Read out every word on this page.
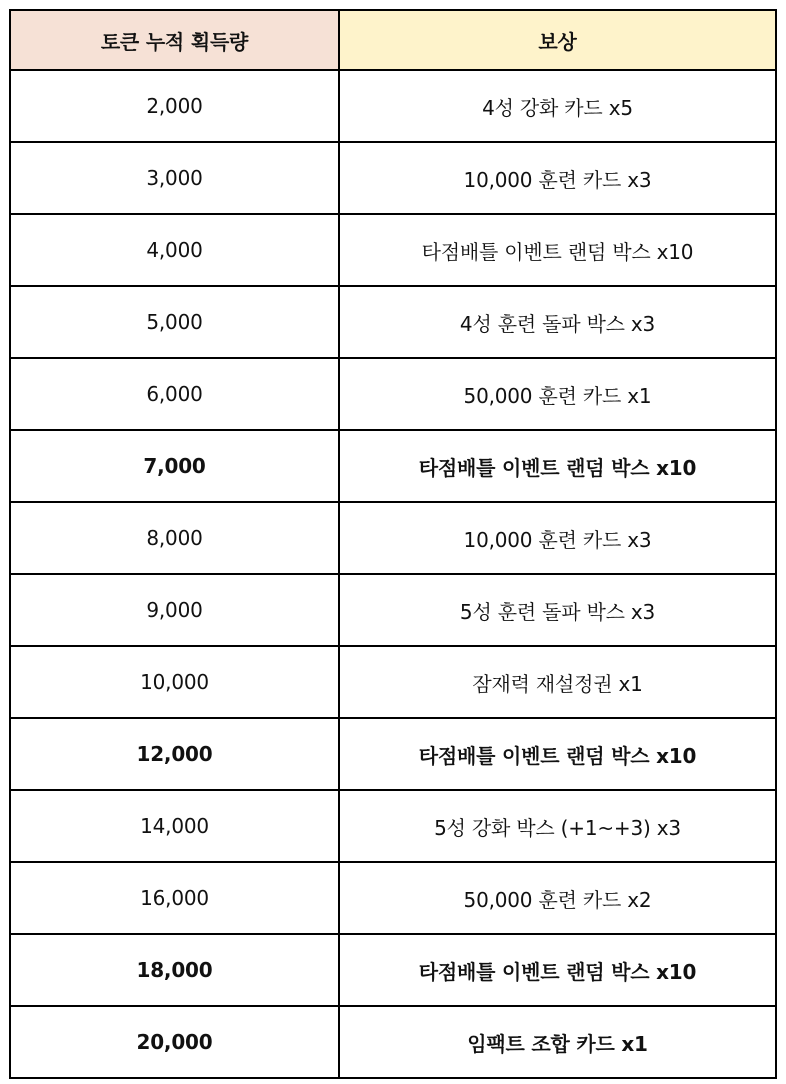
토큰 누적 획득량	보상
2,000	4성 강화 카드 x5
3,000	10,000 훈련 카드 x3
4,000	타점배틀 이벤트 랜덤 박스 x10
5,000	4성 훈련 돌파 박스 x3
6,000	50,000 훈련 카드 x1
7,000	타점배틀 이벤트 랜덤 박스 x10
8,000	10,000 훈련 카드 x3
9,000	5성 훈련 돌파 박스 x3
10,000	잠재력 재설정권 x1
12,000	타점배틀 이벤트 랜덤 박스 x10
14,000	5성 강화 박스 (+1~+3) x3
16,000	50,000 훈련 카드 x2
18,000	타점배틀 이벤트 랜덤 박스 x10
20,000	임팩트 조합 카드 x1
